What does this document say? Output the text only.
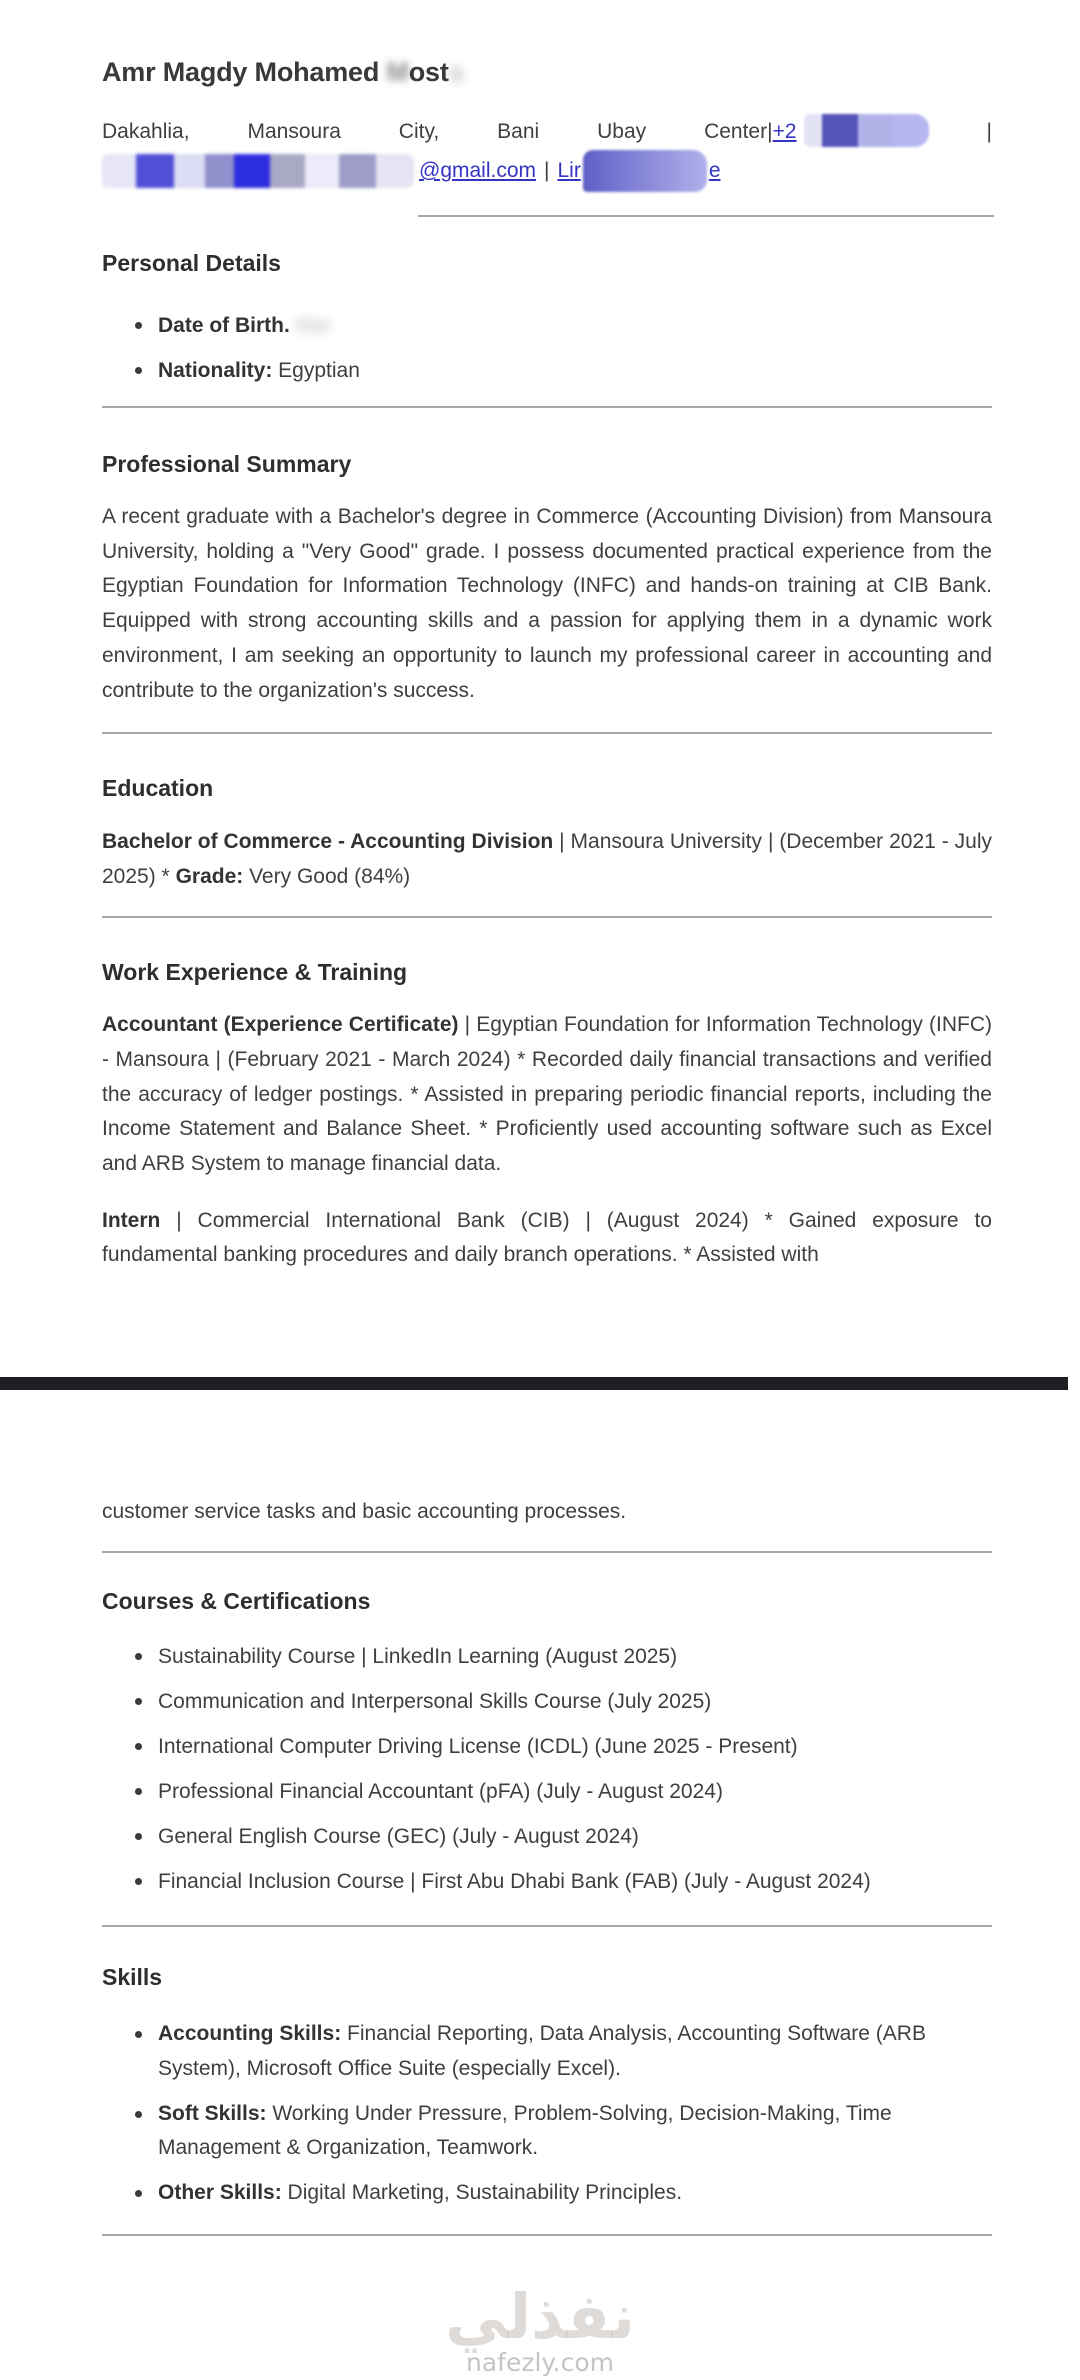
Amr Magdy Mohamed Mosta
Dakahlia,	Mansoura	City,	Bani	Ubay	Center|+2	|
@gmail.com | Lir	e
Personal Details
Date of Birth. Mar
Nationality: Egyptian
Professional Summary
A recent graduate with a Bachelor's degree in Commerce (Accounting Division) from Mansoura University, holding a "Very Good" grade. I possess documented practical experience from the Egyptian Foundation for Information Technology (INFC) and hands-on training at CIB Bank. Equipped with strong accounting skills and a passion for applying them in a dynamic work environment, I am seeking an opportunity to launch my professional career in accounting and contribute to the organization's success.
Education
Bachelor of Commerce - Accounting Division | Mansoura University | (December 2021 - July 2025) * Grade: Very Good (84%)
Work Experience & Training
Accountant (Experience Certificate) | Egyptian Foundation for Information Technology (INFC) - Mansoura | (February 2021 - March 2024) * Recorded daily financial transactions and verified the accuracy of ledger postings. * Assisted in preparing periodic financial reports, including the Income Statement and Balance Sheet. * Proficiently used accounting software such as Excel and ARB System to manage financial data.
Intern | Commercial International Bank (CIB) | (August 2024) * Gained exposure to fundamental banking procedures and daily branch operations. * Assisted with
customer service tasks and basic accounting processes.
Courses & Certifications
Sustainability Course | LinkedIn Learning (August 2025)
Communication and Interpersonal Skills Course (July 2025)
International Computer Driving License (ICDL) (June 2025 - Present)
Professional Financial Accountant (pFA) (July - August 2024)
General English Course (GEC) (July - August 2024)
Financial Inclusion Course | First Abu Dhabi Bank (FAB) (July - August 2024)
Skills
Accounting Skills: Financial Reporting, Data Analysis, Accounting Software (ARB System), Microsoft Office Suite (especially Excel).
Soft Skills: Working Under Pressure, Problem-Solving, Decision-Making, Time Management & Organization, Teamwork.
Other Skills: Digital Marketing, Sustainability Principles.
نفذلي
nafezly.com
